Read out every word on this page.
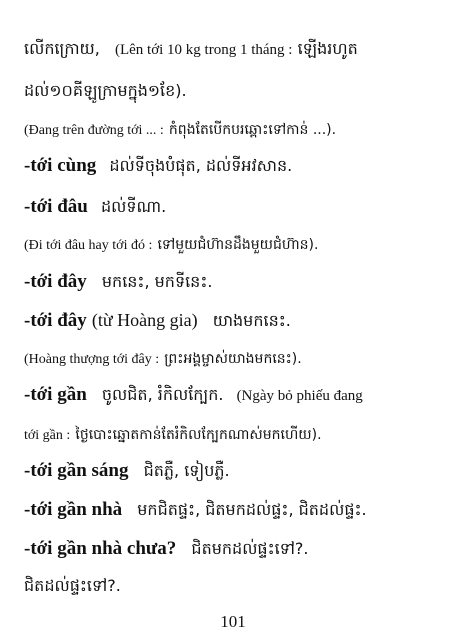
លើកក្រោយ, (Lên tới 10 kg trong 1 tháng : ឡើងរហូត
ដល់១០គីឡូក្រាមក្នុង១ខែ).
(Đang trên đường tới ... : កំពុងតែបើកបរឆ្ពោះទៅកាន់ ...).
-tới cùng ដល់ទីចុងបំផុត, ដល់ទីអវសាន.
-tới đâu ដល់ទីណា.
(Đi tới đâu hay tới đó : ទៅមួយជំហ៊ានដឹងមួយជំហ៊ាន).
-tới đây មកនេះ, មកទីនេះ.
-tới đây (từ Hoàng gia) យាងមកនេះ.
(Hoàng thượng tới đây : ព្រះអង្គម្ចាស់យាងមកនេះ).
-tới gần ចូលជិត, រំកិលក្បែក. (Ngày bỏ phiếu đang
tới gần : ថ្ងៃបោះឆ្នោតកាន់តែរំកិលក្បែកណាស់មកហើយ).
-tới gần sáng ជិតភ្លឺ, ទៀបភ្លឺ.
-tới gần nhà មកជិតផ្ទះ, ជិតមកដល់ផ្ទះ, ជិតដល់ផ្ទះ.
-tới gần nhà chưa? ជិតមកដល់ផ្ទះទៅ?.
ជិតដល់ផ្ទះទៅ?.
101
